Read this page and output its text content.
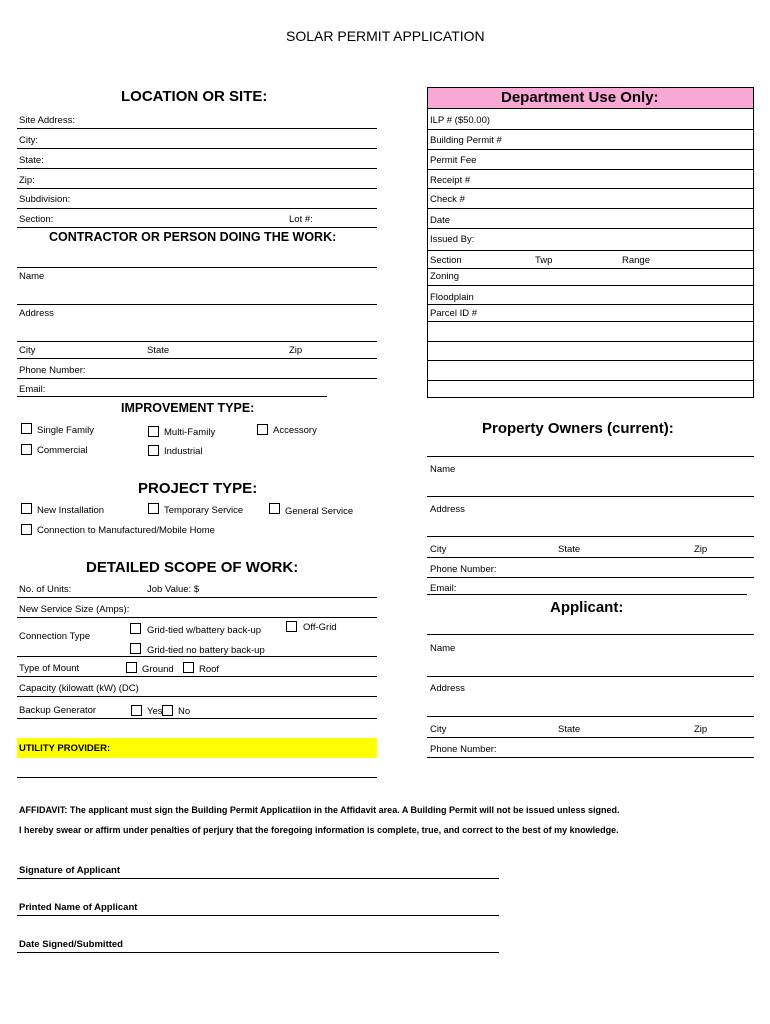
SOLAR PERMIT APPLICATION
LOCATION OR SITE:
Site Address:
City:
State:
Zip:
Subdivision:
Section:	Lot #:
CONTRACTOR OR PERSON DOING THE WORK:
Name
Address
City	State	Zip
Phone Number:
Email:
IMPROVEMENT TYPE:
Single Family	Multi-Family	Accessory
Commercial	Industrial
PROJECT TYPE:
New Installation	Temporary Service	General Service
Connection to Manufactured/Mobile Home
DETAILED SCOPE OF WORK:
No. of Units:	Job Value: $
New Service Size (Amps):
Connection Type
Grid-tied w/battery back-up	Off-Grid
Grid-tied no battery back-up
Type of Mount	Ground	Roof
Capacity (kilowatt (kW) (DC)
Backup Generator	Yes No
UTILITY PROVIDER:
Department Use Only:
ILP # ($50.00)
Building Permit #
Permit Fee
Receipt #
Check #
Date
Issued By:
Section	Twp	Range
Zoning
Floodplain
Parcel ID #
Property Owners (current):
Name
Address
City	State	Zip
Phone Number:
Email:
Applicant:
Name
Address
City	State	Zip
Phone Number:
AFFIDAVIT: The applicant must sign the Building Permit Applicatiion in the Affidavit area. A Building Permit will not be issued unless signed.
I hereby swear or affirm under penalties of perjury that the foregoing information is complete, true, and correct to the best of my knowledge.
Signature of Applicant
Printed Name of Applicant
Date Signed/Submitted
